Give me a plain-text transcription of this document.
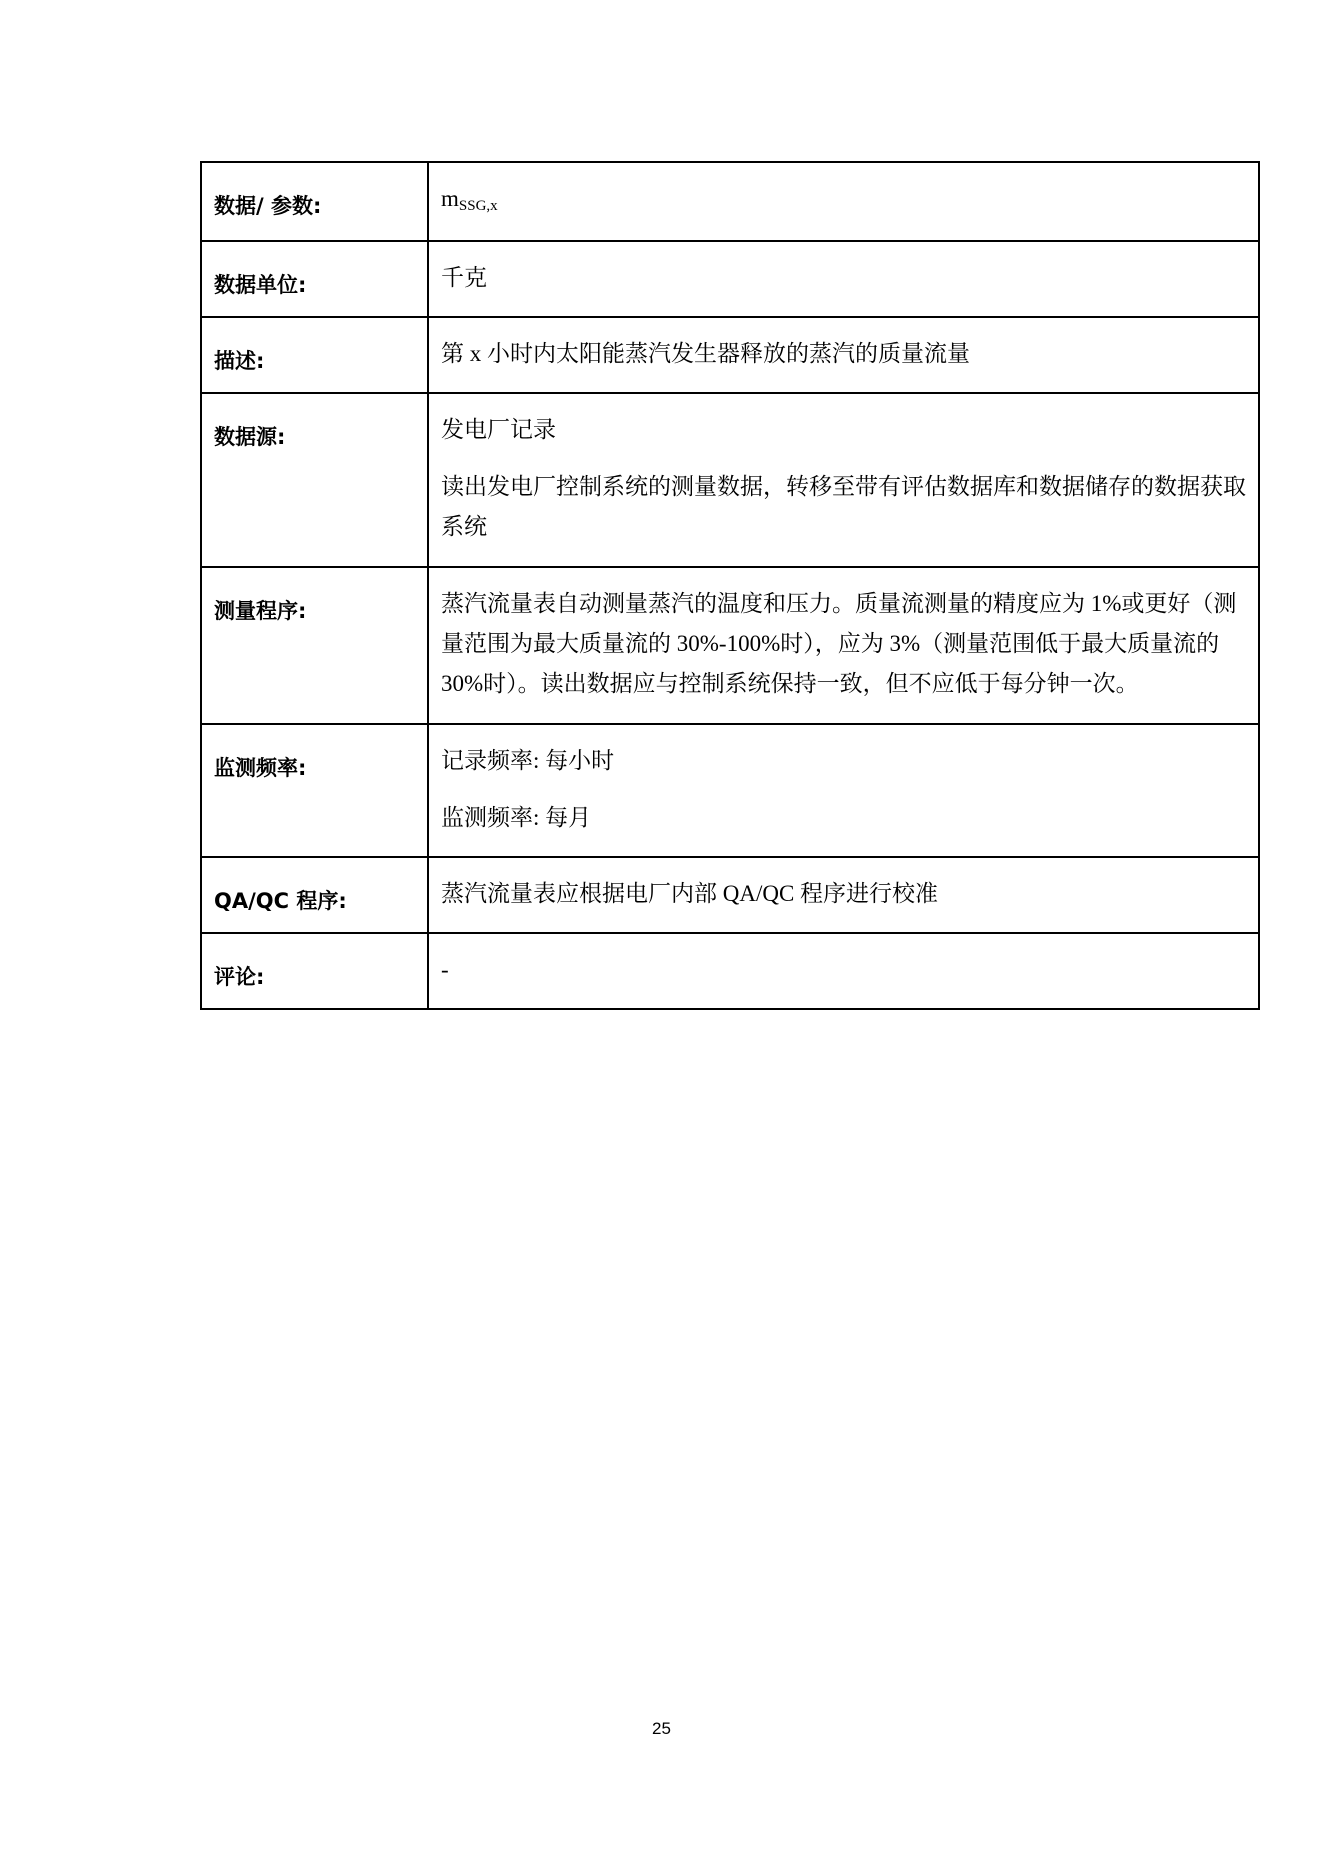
数据/ 参数:	$m_{SSG,x}$
数据单位:	千克
描述:	第 x 小时内太阳能蒸汽发生器释放的蒸汽的质量流量
数据源:	发电厂记录

读出发电厂控制系统的测量数据，转移至带有评估数据库和数据储存的数据获取系统

测量程序:	蒸汽流量表自动测量蒸汽的温度和压力。质量流测量的精度应为 1%或更好（测量范围为最大质量流的 30%-100%时），应为 3%（测量范围低于最大质量流的 30%时）。读出数据应与控制系统保持一致，但不应低于每分钟一次。
监测频率:	记录频率: 每小时

监测频率: 每月

QA/QC 程序:	蒸汽流量表应根据电厂内部 QA/QC 程序进行校准
评论:	-
25
